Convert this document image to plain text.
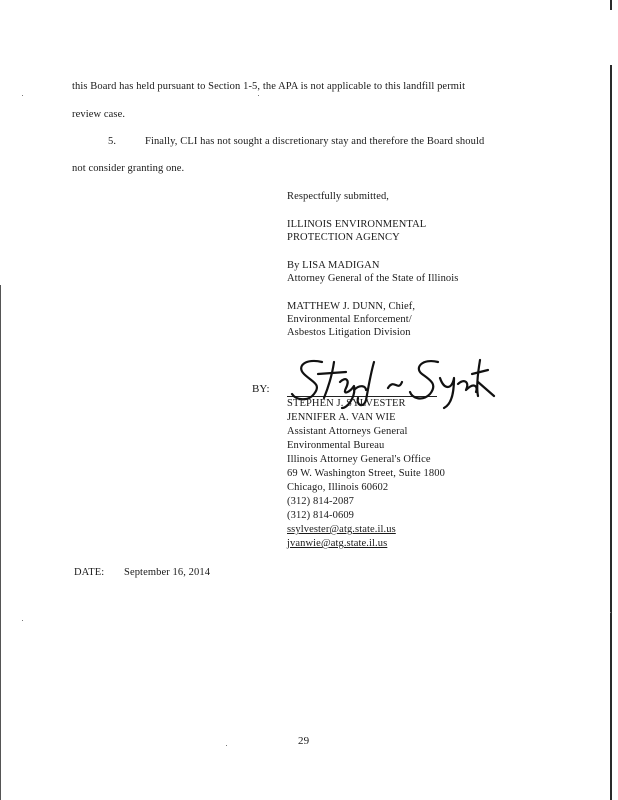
this Board has held pursuant to Section 1-5, the APA is not applicable to this landfill permit
review case.
5.	Finally, CLI has not sought a discretionary stay and therefore the Board should
not consider granting one.
Respectfully submitted,
ILLINOIS ENVIRONMENTAL
PROTECTION AGENCY
By LISA MADIGAN
Attorney General of the State of Illinois
MATTHEW J. DUNN, Chief,
Environmental Enforcement/
Asbestos Litigation Division
BY:
STEPHEN J. SYLVESTER
JENNIFER A. VAN WIE
Assistant Attorneys General
Environmental Bureau
Illinois Attorney General's Office
69 W. Washington Street, Suite 1800
Chicago, Illinois 60602
(312) 814-2087
(312) 814-0609
ssylvester@atg.state.il.us
jvanwie@atg.state.il.us
DATE: September 16, 2014
29
